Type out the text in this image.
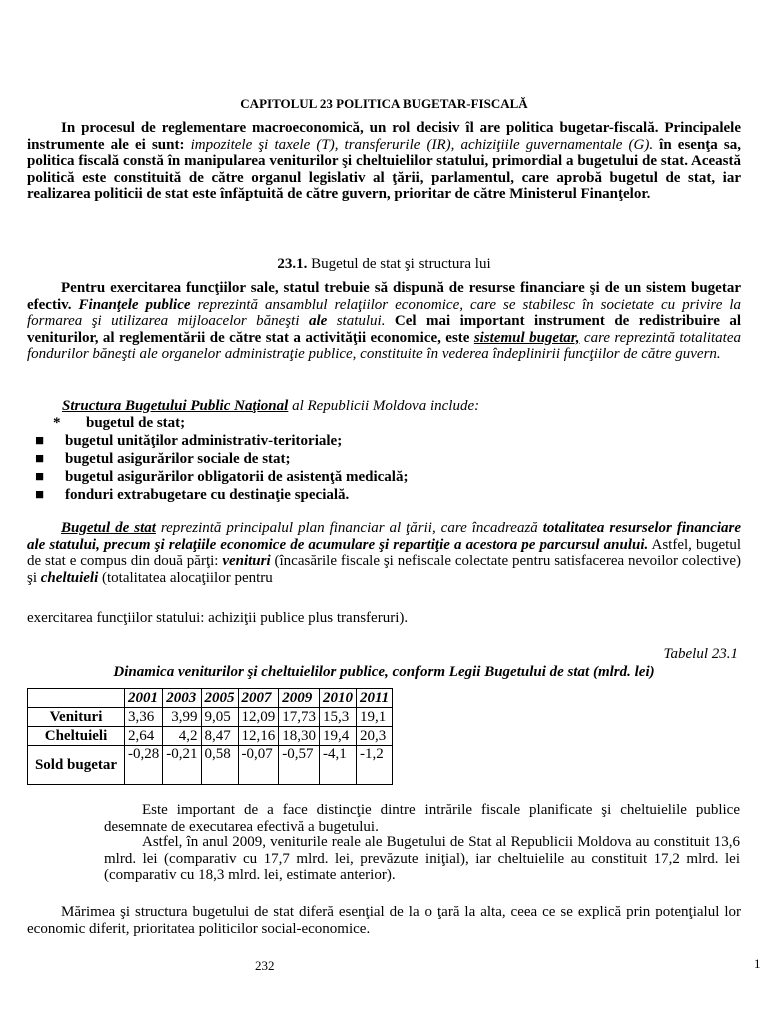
CAPITOLUL 23 POLITICA BUGETAR-FISCALĂ
In procesul de reglementare macroeconomică, un rol decisiv îl are politica bugetar-fiscală. Principalele instrumente ale ei sunt: impozitele şi taxele (T), transferurile (IR), achiziţiile guvernamentale (G). în esenţa sa, politica fiscală constă în manipularea veniturilor şi cheltuielilor statului, primordial a bugetului de stat. Această politică este constituită de către organul legislativ al ţării, parlamentul, care aprobă bugetul de stat, iar realizarea politicii de stat este înfăptuită de către guvern, prioritar de către Ministerul Finanţelor.
23.1. Bugetul de stat şi structura lui
Pentru exercitarea funcţiilor sale, statul trebuie să dispună de resurse financiare şi de un sistem bugetar efectiv. Finanţele publice reprezintă ansamblul relaţiilor economice, care se stabilesc în societate cu privire la formarea şi utilizarea mijloacelor băneşti ale statului. Cel mai important instrument de redistribuire al veniturilor, al reglementării de către stat a activităţii economice, este sistemul bugetar, care reprezintă totalitatea fondurilor băneşti ale organelor administraţie publice, constituite în vederea îndeplinirii funcţiilor de către guvern.
Structura Bugetului Public Naţional al Republicii Moldova include:
* bugetul de stat;
■ bugetul unităţilor administrativ-teritoriale;
■ bugetul asigurărilor sociale de stat;
■ bugetul asigurărilor obligatorii de asistenţă medicală;
■ fonduri extrabugetare cu destinaţie specială.
Bugetul de stat reprezintă principalul plan financiar al ţării, care încadrează totalitatea resurselor financiare ale statului, precum şi relaţiile economice de acumulare şi repartiţie a acestora pe parcursul anului. Astfel, bugetul de stat e compus din două părţi: venituri (încasările fiscale şi nefiscale colectate pentru satisfacerea nevoilor colective) şi cheltuieli (totalitatea alocaţiilor pentru
exercitarea funcţiilor statului: achiziţii publice plus transferuri).
Tabelul 23.1
Dinamica veniturilor şi cheltuielilor publice, conform Legii Bugetului de stat (mlrd. lei)
	2001	2003	2005	2007	2009	2010	2011
Venituri	3,36	3,99	9,05	12,09	17,73	15,3	19,1
Cheltuieli	2,64	4,2	8,47	12,16	18,30	19,4	20,3
Sold bugetar	-0,28	-0,21	0,58	-0,07	-0,57	-4,1	-1,2
Este important de a face distincţie dintre intrările fiscale planificate şi cheltuielile publice desemnate de executarea efectivă a bugetului.
Astfel, în anul 2009, veniturile reale ale Bugetului de Stat al Republicii Moldova au constituit 13,6 mlrd. lei (comparativ cu 17,7 mlrd. lei, prevăzute iniţial), iar cheltuielile au constituit 17,2 mlrd. lei (comparativ cu 18,3 mlrd. lei, estimate anterior).
Mărimea şi structura bugetului de stat diferă esenţial de la o ţară la alta, ceea ce se explică prin potenţialul lor economic diferit, prioritatea politicilor social-economice.
232	1
